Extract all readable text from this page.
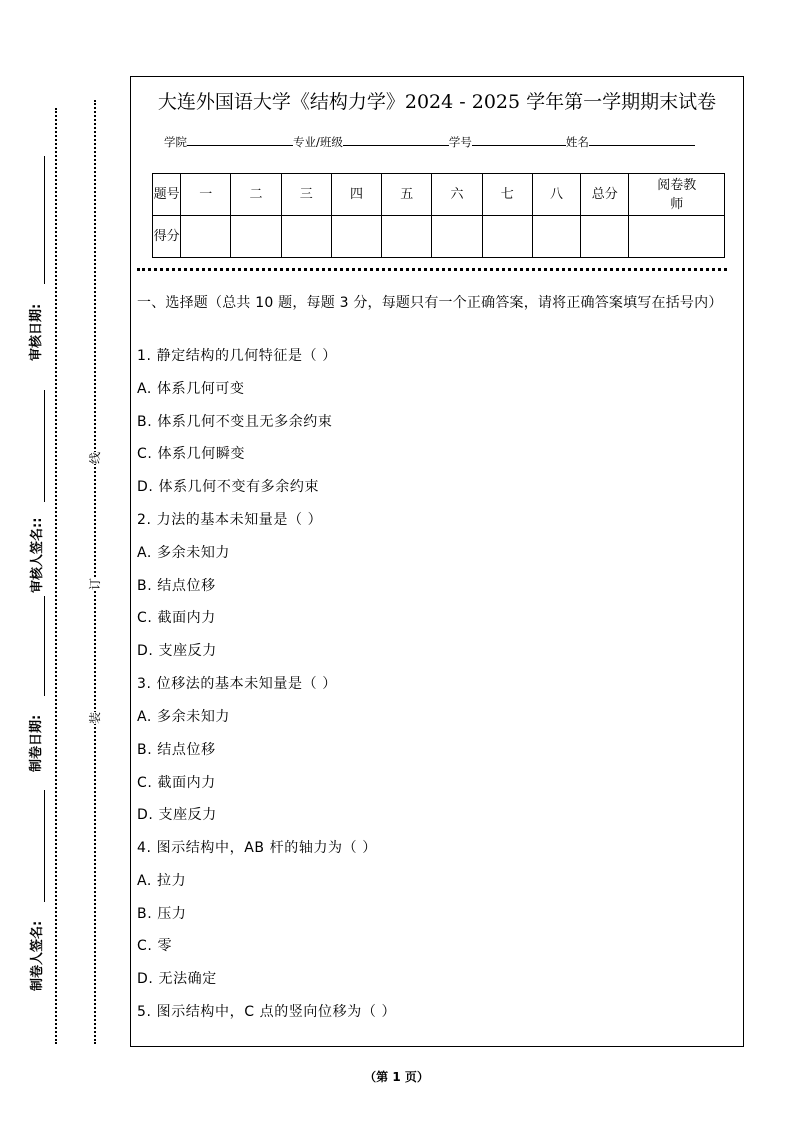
审核日期:
审核人签名::
制卷日期:
制卷人签名:
线
订
装
大连外国语大学《结构力学》2024 - 2025 学年第一学期期末试卷
学院	专业/班级	学号	姓名
题号	一	二	三	四	五	六	七	八	总分	阅卷教师
得分										
一、选择题（总共 10 题，每题 3 分，每题只有一个正确答案，请将正确答案填写在括号内）
1. 静定结构的几何特征是（ ）
A. 体系几何可变
B. 体系几何不变且无多余约束
C. 体系几何瞬变
D. 体系几何不变有多余约束
2. 力法的基本未知量是（ ）
A. 多余未知力
B. 结点位移
C. 截面内力
D. 支座反力
3. 位移法的基本未知量是（ ）
A. 多余未知力
B. 结点位移
C. 截面内力
D. 支座反力
4. 图示结构中，AB 杆的轴力为（ ）
A. 拉力
B. 压力
C. 零
D. 无法确定
5. 图示结构中，C 点的竖向位移为（ ）
（第 1 页）
